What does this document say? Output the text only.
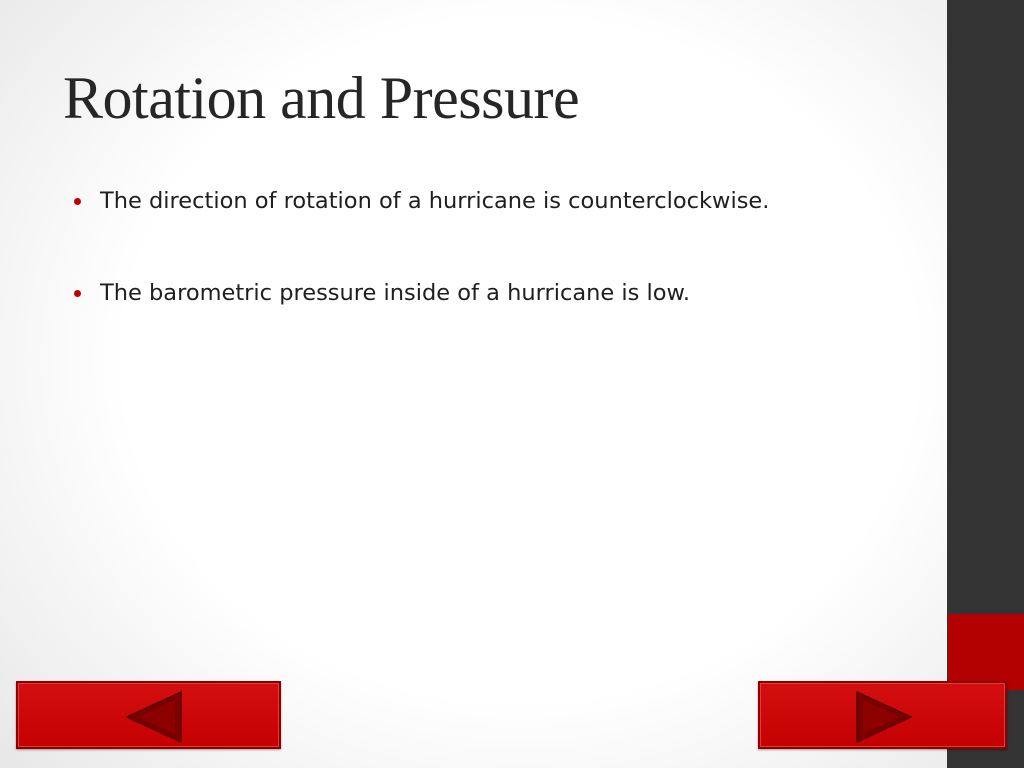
Rotation and Pressure
The direction of rotation of a hurricane is counterclockwise.
The barometric pressure inside of a hurricane is low.
